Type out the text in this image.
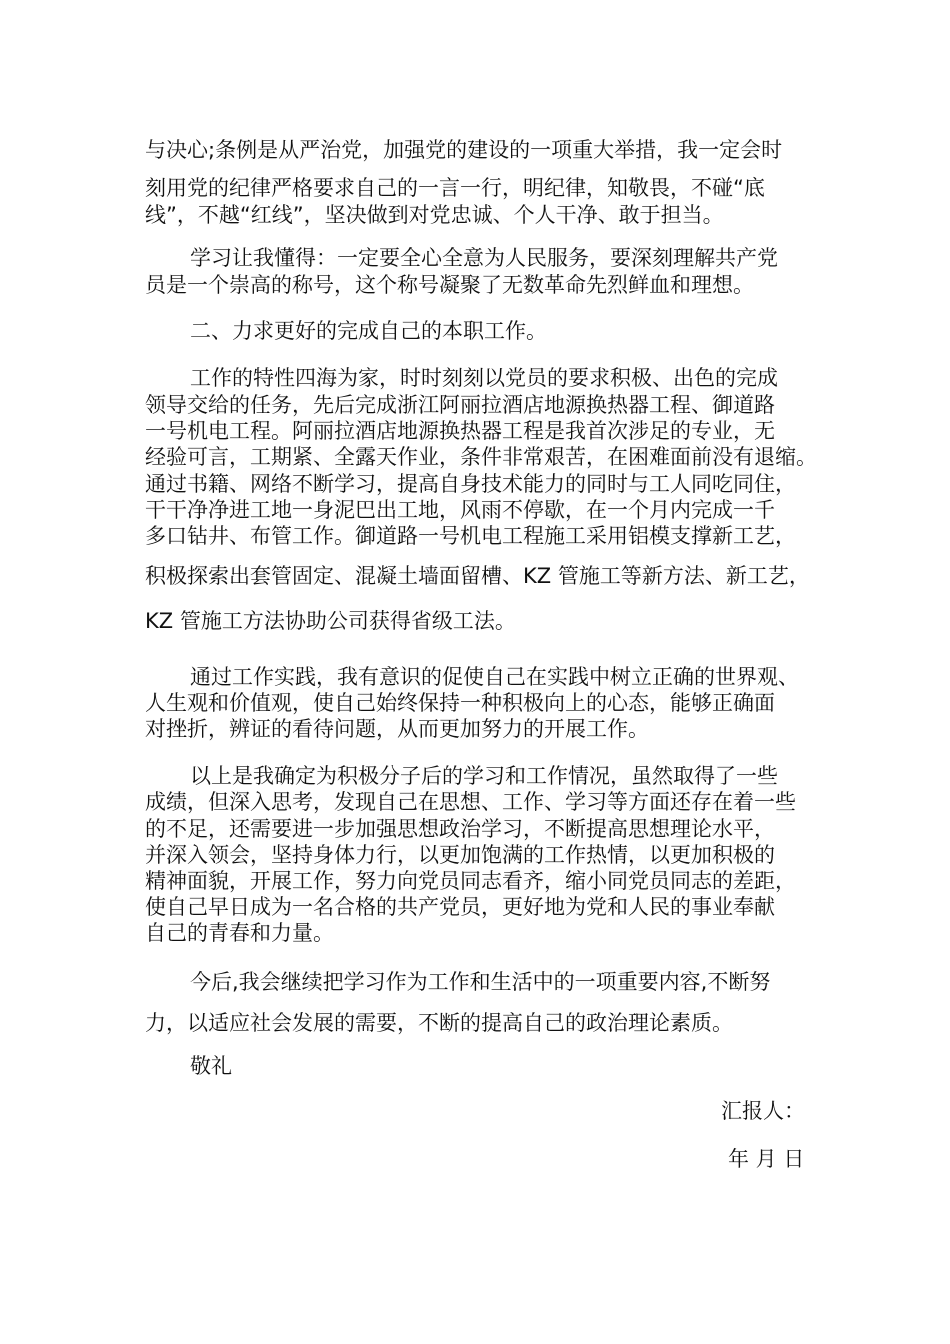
与决心;条例是从严治党，加强党的建设的一项重大举措，我一定会时

刻用党的纪律严格要求自己的一言一行，明纪律，知敬畏，不碰“底

线”，不越“红线”，坚决做到对党忠诚、个人干净、敢于担当。

学习让我懂得：一定要全心全意为人民服务，要深刻理解共产党

员是一个崇高的称号，这个称号凝聚了无数革命先烈鲜血和理想。

二、力求更好的完成自己的本职工作。

工作的特性四海为家，时时刻刻以党员的要求积极、出色的完成

领导交给的任务，先后完成浙江阿丽拉酒店地源换热器工程、御道路

一号机电工程。阿丽拉酒店地源换热器工程是我首次涉足的专业，无

经验可言，工期紧、全露天作业，条件非常艰苦，在困难面前没有退缩。

通过书籍、网络不断学习，提高自身技术能力的同时与工人同吃同住，

干干净净进工地一身泥巴出工地，风雨不停歇，在一个月内完成一千

多口钻井、布管工作。御道路一号机电工程施工采用铝模支撑新工艺，

积极探索出套管固定、混凝土墙面留槽、KZ 管施工等新方法、新工艺，

KZ 管施工方法协助公司获得省级工法。

通过工作实践，我有意识的促使自己在实践中树立正确的世界观、

人生观和价值观，使自己始终保持一种积极向上的心态，能够正确面

对挫折，辨证的看待问题，从而更加努力的开展工作。

以上是我确定为积极分子后的学习和工作情况，虽然取得了一些

成绩，但深入思考，发现自己在思想、工作、学习等方面还存在着一些

的不足，还需要进一步加强思想政治学习，不断提高思想理论水平，

并深入领会，坚持身体力行，以更加饱满的工作热情，以更加积极的

精神面貌，开展工作，努力向党员同志看齐，缩小同党员同志的差距，

使自己早日成为一名合格的共产党员，更好地为党和人民的事业奉献

自己的青春和力量。

今后,我会继续把学习作为工作和生活中的一项重要内容,不断努

力，以适应社会发展的需要，不断的提高自己的政治理论素质。

敬礼

汇报人：

年 月 日
